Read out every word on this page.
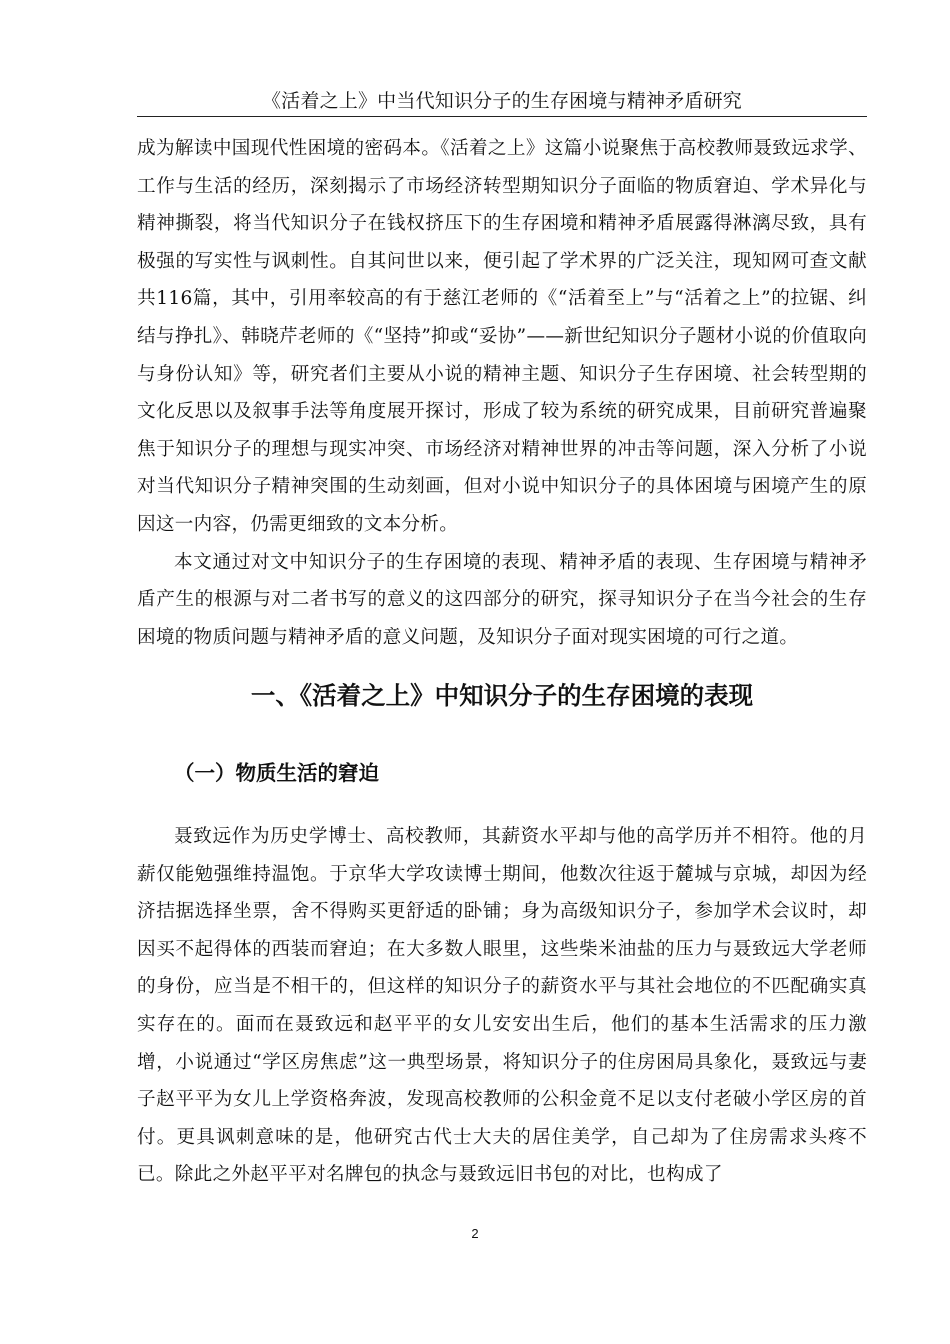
《活着之上》中当代知识分子的生存困境与精神矛盾研究

成为解读中国现代性困境的密码本。《活着之上》这篇小说聚焦于高校教师聂致远求学、工作与生活的经历，深刻揭示了市场经济转型期知识分子面临的物质窘迫、学术异化与精神撕裂，将当代知识分子在钱权挤压下的生存困境和精神矛盾展露得淋漓尽致，具有极强的写实性与讽刺性。自其问世以来，便引起了学术界的广泛关注，现知网可查文献共116篇，其中，引用率较高的有于慈江老师的《“活着至上”与“活着之上”的拉锯、纠结与挣扎》、韩晓芹老师的《“坚持”抑或“妥协”——新世纪知识分子题材小说的价值取向与身份认知》等，研究者们主要从小说的精神主题、知识分子生存困境、社会转型期的文化反思以及叙事手法等角度展开探讨，形成了较为系统的研究成果，目前研究普遍聚焦于知识分子的理想与现实冲突、市场经济对精神世界的冲击等问题，深入分析了小说对当代知识分子精神突围的生动刻画，但对小说中知识分子的具体困境与困境产生的原因这一内容，仍需更细致的文本分析。

本文通过对文中知识分子的生存困境的表现、精神矛盾的表现、生存困境与精神矛盾产生的根源与对二者书写的意义的这四部分的研究，探寻知识分子在当今社会的生存困境的物质问题与精神矛盾的意义问题，及知识分子面对现实困境的可行之道。

一、《活着之上》中知识分子的生存困境的表现
（一）物质生活的窘迫

聂致远作为历史学博士、高校教师，其薪资水平却与他的高学历并不相符。他的月薪仅能勉强维持温饱。于京华大学攻读博士期间，他数次往返于麓城与京城，却因为经济拮据选择坐票，舍不得购买更舒适的卧铺；身为高级知识分子，参加学术会议时，却因买不起得体的西装而窘迫；在大多数人眼里，这些柴米油盐的压力与聂致远大学老师的身份，应当是不相干的，但这样的知识分子的薪资水平与其社会地位的不匹配确实真实存在的。面而在聂致远和赵平平的女儿安安出生后，他们的基本生活需求的压力激增，小说通过“学区房焦虑”这一典型场景，将知识分子的住房困局具象化，聂致远与妻子赵平平为女儿上学资格奔波，发现高校教师的公积金竟不足以支付老破小学区房的首付。更具讽刺意味的是，他研究古代士大夫的居住美学，自己却为了住房需求头疼不已。除此之外赵平平对名牌包的执念与聂致远旧书包的对比，也构成了

2
